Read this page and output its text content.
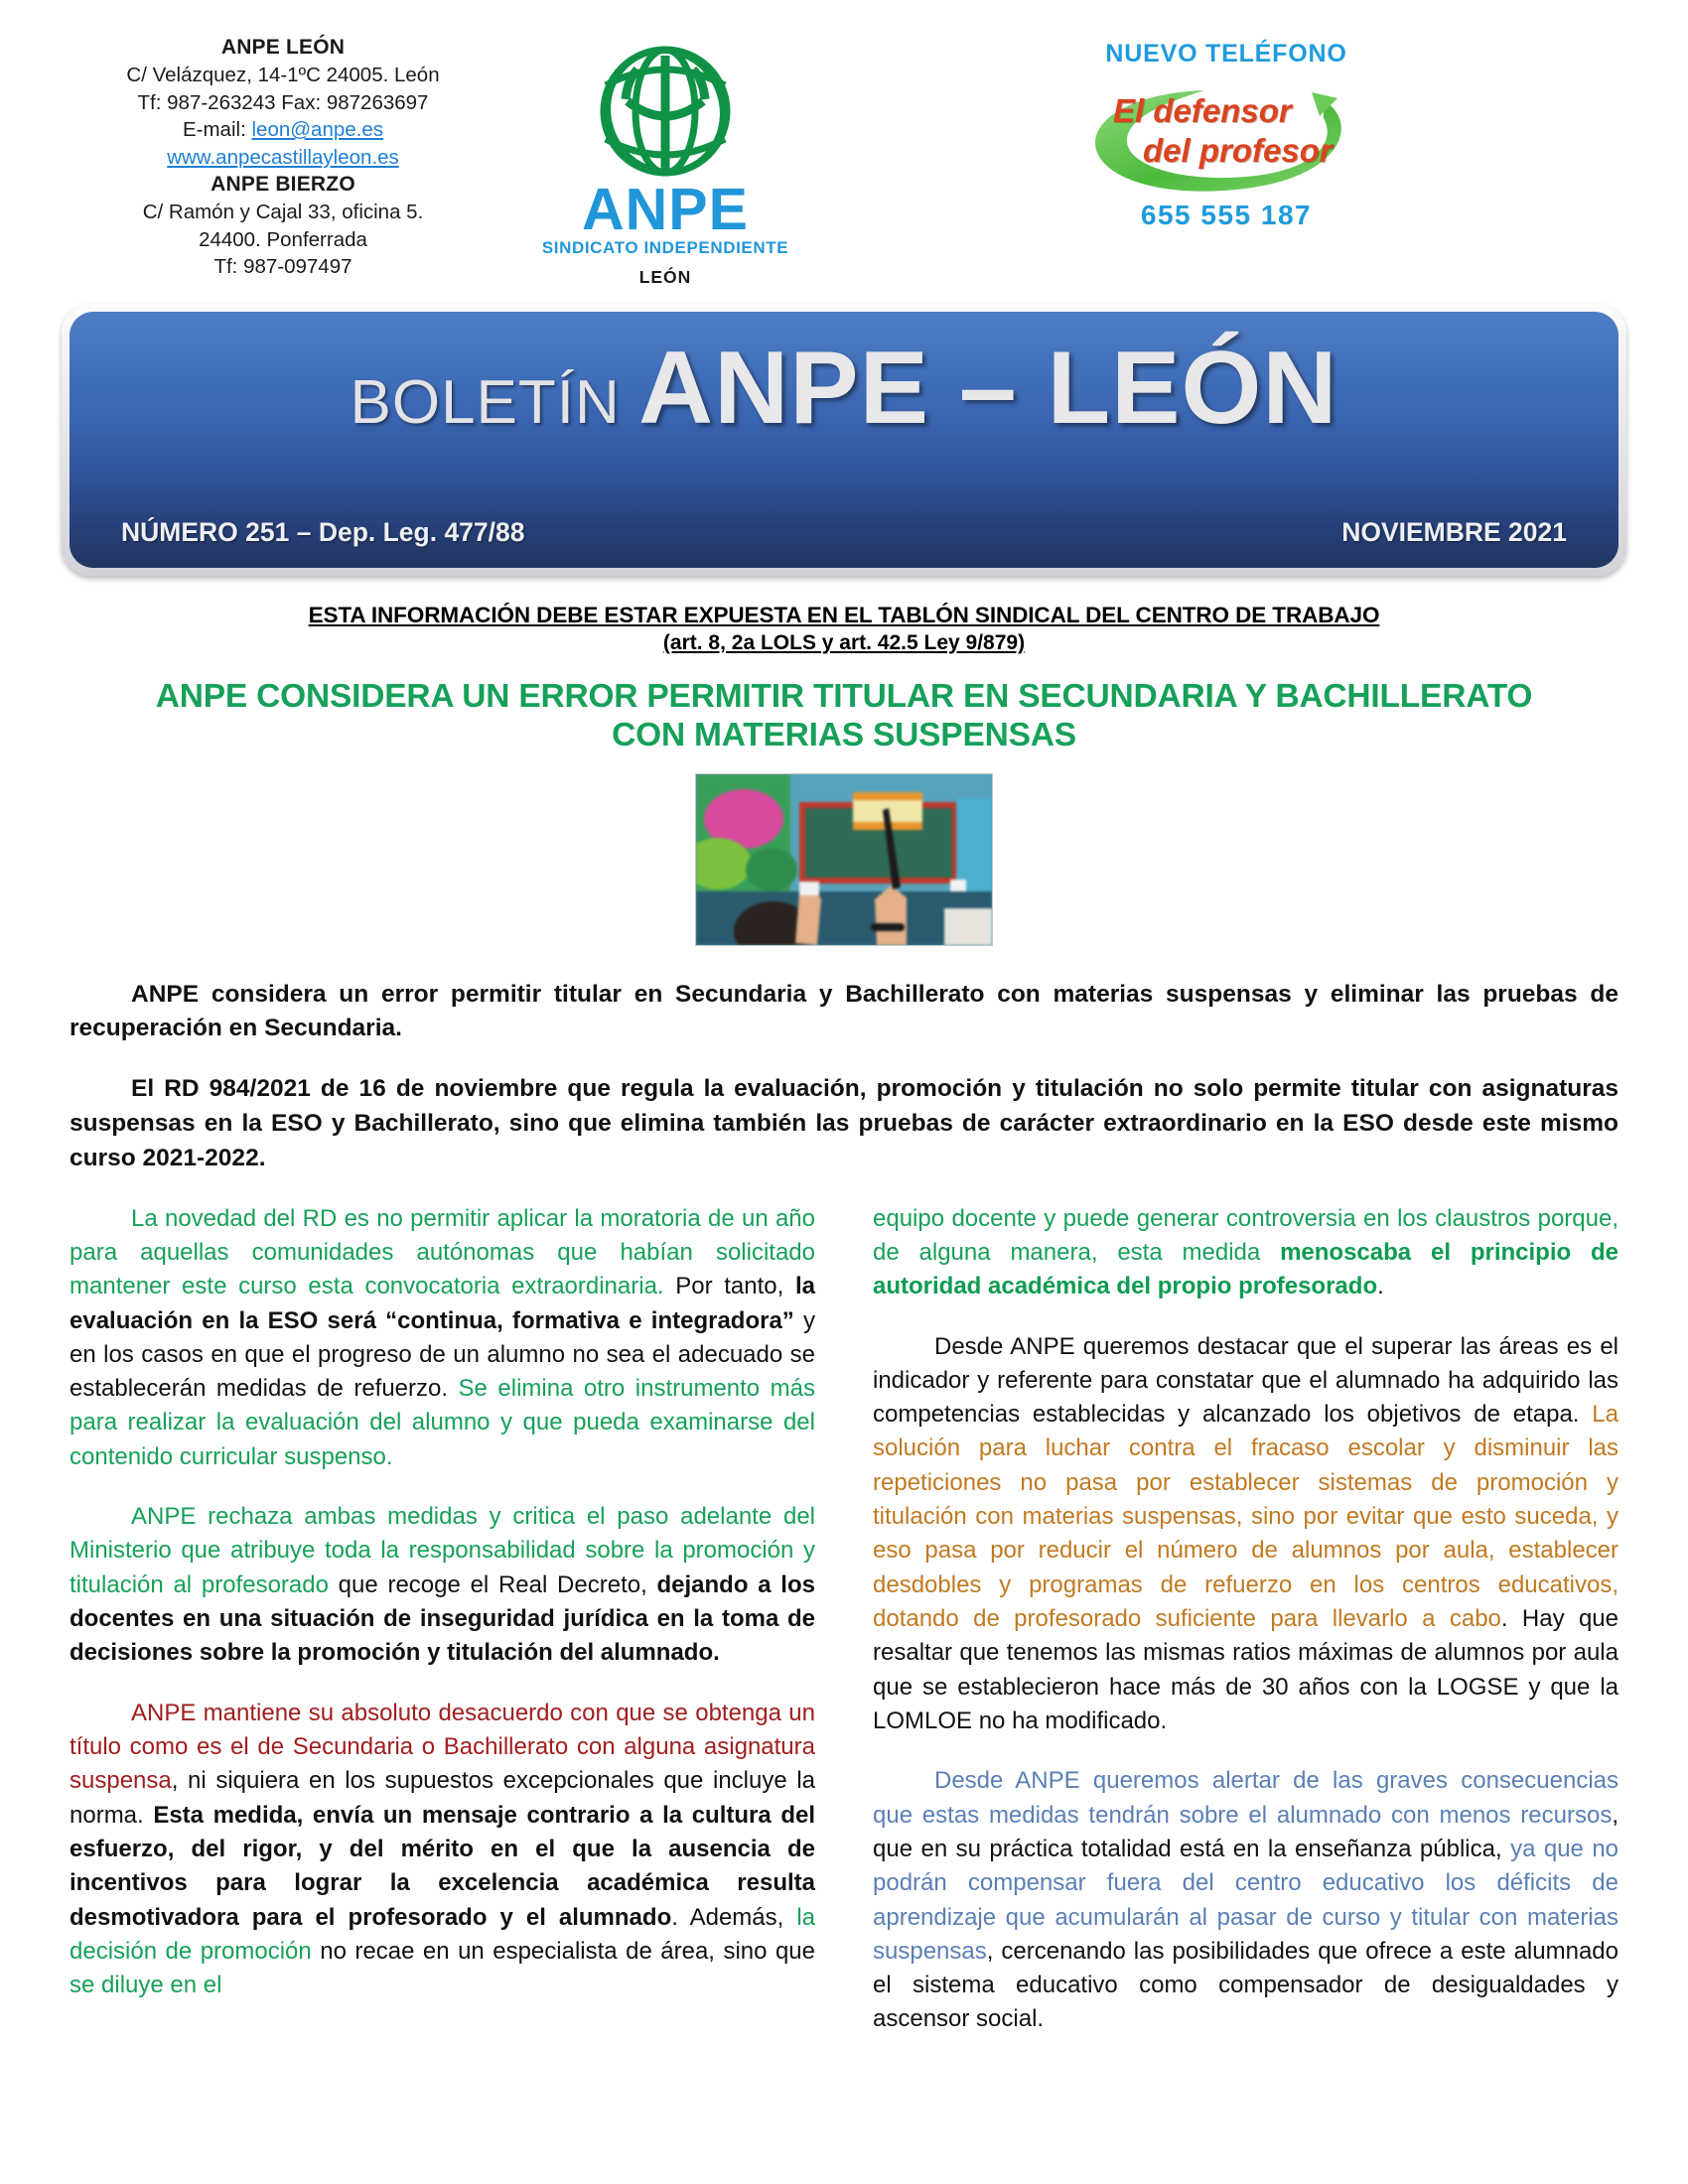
ANPE LEÓN
C/ Velázquez, 14-1ºC 24005. León
Tf: 987-263243 Fax: 987263697
E-mail: leon@anpe.es
www.anpecastillayleon.es
ANPE BIERZO
C/ Ramón y Cajal 33, oficina 5.
24400. Ponferrada
Tf: 987-097497
ANPE
SINDICATO INDEPENDIENTE
LEÓN
NUEVO TELÉFONO
El defensor
del profesor
655 555 187
BOLETÍN ANPE – LEÓN
NÚMERO 251 – Dep. Leg. 477/88	NOVIEMBRE 2021
ESTA INFORMACIÓN DEBE ESTAR EXPUESTA EN EL TABLÓN SINDICAL DEL CENTRO DE TRABAJO
(art. 8, 2a LOLS y art. 42.5 Ley 9/879)
ANPE CONSIDERA UN ERROR PERMITIR TITULAR EN SECUNDARIA Y BACHILLERATO CON MATERIAS SUSPENSAS

ANPE considera un error permitir titular en Secundaria y Bachillerato con materias suspensas y eliminar las pruebas de recuperación en Secundaria.

El RD 984/2021 de 16 de noviembre que regula la evaluación, promoción y titulación no solo permite titular con asignaturas suspensas en la ESO y Bachillerato, sino que elimina también las pruebas de carácter extraordinario en la ESO desde este mismo curso 2021-2022.

La novedad del RD es no permitir aplicar la moratoria de un año para aquellas comunidades autónomas que habían solicitado mantener este curso esta convocatoria extraordinaria. Por tanto, la evaluación en la ESO será “continua, formativa e integradora” y en los casos en que el progreso de un alumno no sea el adecuado se establecerán medidas de refuerzo. Se elimina otro instrumento más para realizar la evaluación del alumno y que pueda examinarse del contenido curricular suspenso.

ANPE rechaza ambas medidas y critica el paso adelante del Ministerio que atribuye toda la responsabilidad sobre la promoción y titulación al profesorado que recoge el Real Decreto, dejando a los docentes en una situación de inseguridad jurídica en la toma de decisiones sobre la promoción y titulación del alumnado.

ANPE mantiene su absoluto desacuerdo con que se obtenga un título como es el de Secundaria o Bachillerato con alguna asignatura suspensa, ni siquiera en los supuestos excepcionales que incluye la norma. Esta medida, envía un mensaje contrario a la cultura del esfuerzo, del rigor, y del mérito en el que la ausencia de incentivos para lograr la excelencia académica resulta desmotivadora para el profesorado y el alumnado. Además, la decisión de promoción no recae en un especialista de área, sino que se diluye en el

equipo docente y puede generar controversia en los claustros porque, de alguna manera, esta medida menoscaba el principio de autoridad académica del propio profesorado.

Desde ANPE queremos destacar que el superar las áreas es el indicador y referente para constatar que el alumnado ha adquirido las competencias establecidas y alcanzado los objetivos de etapa. La solución para luchar contra el fracaso escolar y disminuir las repeticiones no pasa por establecer sistemas de promoción y titulación con materias suspensas, sino por evitar que esto suceda, y eso pasa por reducir el número de alumnos por aula, establecer desdobles y programas de refuerzo en los centros educativos, dotando de profesorado suficiente para llevarlo a cabo. Hay que resaltar que tenemos las mismas ratios máximas de alumnos por aula que se establecieron hace más de 30 años con la LOGSE y que la LOMLOE no ha modificado.

Desde ANPE queremos alertar de las graves consecuencias que estas medidas tendrán sobre el alumnado con menos recursos, que en su práctica totalidad está en la enseñanza pública, ya que no podrán compensar fuera del centro educativo los déficits de aprendizaje que acumularán al pasar de curso y titular con materias suspensas, cercenando las posibilidades que ofrece a este alumnado el sistema educativo como compensador de desigualdades y ascensor social.
